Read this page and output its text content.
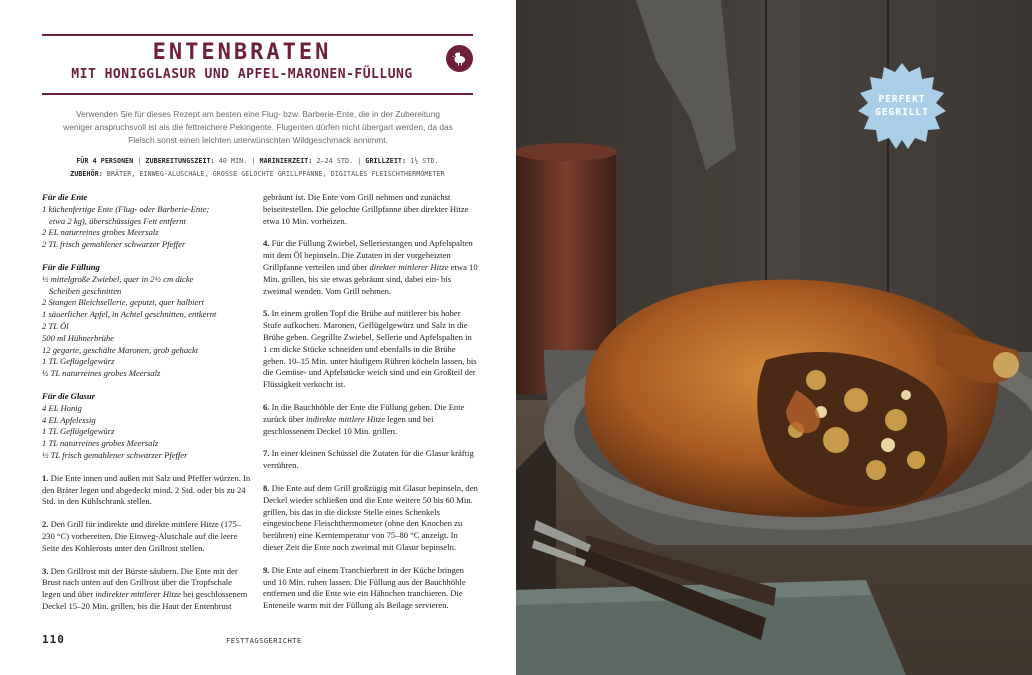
ENTENBRATEN
MIT HONIGGLASUR UND APFEL-MARONEN-FÜLLUNG

Verwenden Sie für dieses Rezept am besten eine Flug- bzw. Barberie-Ente, die in der Zubereitung weniger anspruchsvoll ist als die fettreichere Pekingente. Flugenten dürfen nicht übergart werden, da das Fleisch sonst einen leichten unerwünschten Wildgeschmack annimmt.

FÜR 4 PERSONEN | ZUBEREITUNGSZEIT: 40 MIN. | MARINIERZEIT: 2–24 STD. | GRILLZEIT: 1½ STD.
ZUBEHÖR: BRÄTER, EINWEG-ALUSCHALE, GROSSE GELOCHTE GRILLPFANNE, DIGITALES FLEISCHTHERMOMETER
Für die Ente
1 küchenfertige Ente (Flug- oder Barberie-Ente;
etwa 2 kg), überschüssiges Fett entfernt
2 EL naturreines grobes Meersalz
2 TL frisch gemahlener schwarzer Pfeffer
Für die Füllung
½ mittelgroße Zwiebel, quer in 2½ cm dicke
Scheiben geschnitten
2 Stangen Bleichsellerie, geputzt, quer halbiert
1 säuerlicher Apfel, in Achtel geschnitten, entkernt
2 TL Öl
500 ml Hühnerbrühe
12 gegarte, geschälte Maronen, grob gehackt
1 TL Geflügelgewürz
½ TL naturreines grobes Meersalz
Für die Glasur
4 EL Honig
4 EL Apfelessig
1 TL Geflügelgewürz
1 TL naturreines grobes Meersalz
½ TL frisch gemahlener schwarzer Pfeffer

1. Die Ente innen und außen mit Salz und Pfeffer würzen. In den Bräter legen und abgedeckt mind. 2 Std. oder bis zu 24 Std. in den Kühlschrank stellen.

2. Den Grill für indirekte und direkte mittlere Hitze (175–230 °C) vorbereiten. Die Einweg-Aluschale auf die leere Seite des Kohlerosts unter den Grillrost stellen.

3. Den Grillrost mit der Bürste säubern. Die Ente mit der Brust nach unten auf den Grillrost über die Tropfschale legen und über indirekter mittlerer Hitze bei geschlossenem Deckel 15–20 Min. grillen, bis die Haut der Entenbrust

gebräunt ist. Die Ente vom Grill nehmen und zunächst beiseitestellen. Die gelochte Grillpfanne über direkter Hitze etwa 10 Min. vorheizen.

4. Für die Füllung Zwiebel, Selleriestangen und Apfelspalten mit dem Öl bepinseln. Die Zutaten in der vorgeheizten Grillpfanne verteilen und über direkter mittlerer Hitze etwa 10 Min. grillen, bis sie etwas gebräunt sind, dabei ein- bis zweimal wenden. Vom Grill nehmen.

5. In einem großen Topf die Brühe auf mittlerer bis hoher Stufe aufkochen. Maronen, Geflügelgewürz und Salz in die Brühe geben. Gegrillte Zwiebel, Sellerie und Apfelspalten in 1 cm dicke Stücke schneiden und ebenfalls in die Brühe geben. 10–15 Min. unter häufigem Rühren köcheln lassen, bis die Gemüse- und Apfelstücke weich sind und ein Großteil der Flüssigkeit verkocht ist.

6. In die Bauchhöhle der Ente die Füllung geben. Die Ente zurück über indirekte mittlere Hitze legen und bei geschlossenem Deckel 10 Min. grillen.

7. In einer kleinen Schüssel die Zutaten für die Glasur kräftig verrühren.

8. Die Ente auf dem Grill großzügig mit Glasur bepinseln, den Deckel wieder schließen und die Ente weitere 50 bis 60 Min. grillen, bis das in die dickste Stelle eines Schenkels eingestochene Fleischthermometer (ohne den Knochen zu berühren) eine Kerntemperatur von 75–80 °C anzeigt. In dieser Zeit die Ente noch zweimal mit Glasur bepinseln.

9. Die Ente auf einem Tranchierbrett in der Küche bringen und 10 Min. ruhen lassen. Die Füllung aus der Bauchhöhle entfernen und die Ente wie ein Hähnchen tranchieren. Die Enteneile warm mit der Füllung als Beilage servieren.

110	FESTTAGSGERICHTE
PERFEKT
GEGRILLT
